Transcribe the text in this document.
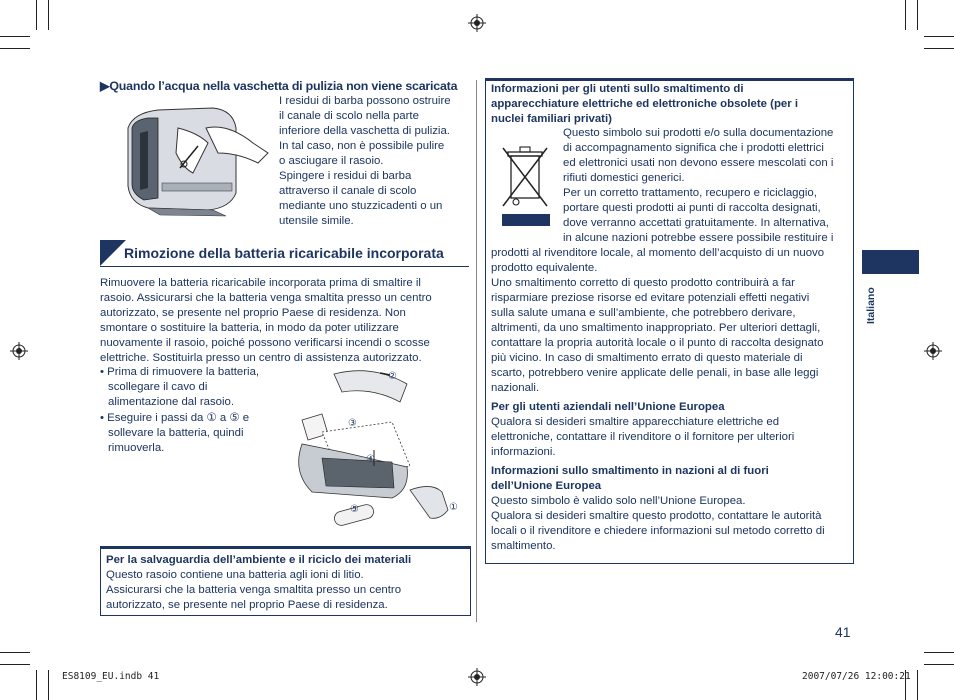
▶Quando l’acqua nella vaschetta di pulizia non viene scaricata
I residui di barba possono ostruire
il canale di scolo nella parte
inferiore della vaschetta di pulizia.
In tal caso, non è possibile pulire
o asciugare il rasoio.
Spingere i residui di barba
attraverso il canale di scolo
mediante uno stuzzicadenti o un
utensile simile.
Rimozione della batteria ricaricabile incorporata
Rimuovere la batteria ricaricabile incorporata prima di smaltire il
rasoio. Assicurarsi che la batteria venga smaltita presso un centro
autorizzato, se presente nel proprio Paese di residenza. Non
smontare o sostituire la batteria, in modo da poter utilizzare
nuovamente il rasoio, poiché possono verificarsi incendi o scosse
elettriche. Sostituirla presso un centro di assistenza autorizzato.
• Prima di rimuovere la batteria,
scollegare il cavo di
alimentazione dal rasoio.
• Eseguire i passi da ① a ⑤ e
sollevare la batteria, quindi
rimuoverla.
②
③
④
①
⑤
Per la salvaguardia dell’ambiente e il riciclo dei materiali
Questo rasoio contiene una batteria agli ioni di litio.
Assicurarsi che la batteria venga smaltita presso un centro
autorizzato, se presente nel proprio Paese di residenza.
Informazioni per gli utenti sullo smaltimento di
apparecchiature elettriche ed elettroniche obsolete (per i
nuclei familiari privati)
Questo simbolo sui prodotti e/o sulla documentazione
di accompagnamento significa che i prodotti elettrici
ed elettronici usati non devono essere mescolati con i
rifiuti domestici generici.
Per un corretto trattamento, recupero e riciclaggio,
portare questi prodotti ai punti di raccolta designati,
dove verranno accettati gratuitamente. In alternativa,
in alcune nazioni potrebbe essere possibile restituire i
prodotti al rivenditore locale, al momento dell’acquisto di un nuovo
prodotto equivalente.
Uno smaltimento corretto di questo prodotto contribuirà a far
risparmiare preziose risorse ed evitare potenziali effetti negativi
sulla salute umana e sull’ambiente, che potrebbero derivare,
altrimenti, da uno smaltimento inappropriato. Per ulteriori dettagli,
contattare la propria autorità locale o il punto di raccolta designato
più vicino. In caso di smaltimento errato di questo materiale di
scarto, potrebbero venire applicate delle penali, in base alle leggi
nazionali.
Per gli utenti aziendali nell’Unione Europea
Qualora si desideri smaltire apparecchiature elettriche ed
elettroniche, contattare il rivenditore o il fornitore per ulteriori
informazioni.
Informazioni sullo smaltimento in nazioni al di fuori
dell’Unione Europea
Questo simbolo è valido solo nell’Unione Europea.
Qualora si desideri smaltire questo prodotto, contattare le autorità
locali o il rivenditore e chiedere informazioni sul metodo corretto di
smaltimento.
Italiano
41
ES8109_EU.indb 41	2007/07/26 12:00:21
